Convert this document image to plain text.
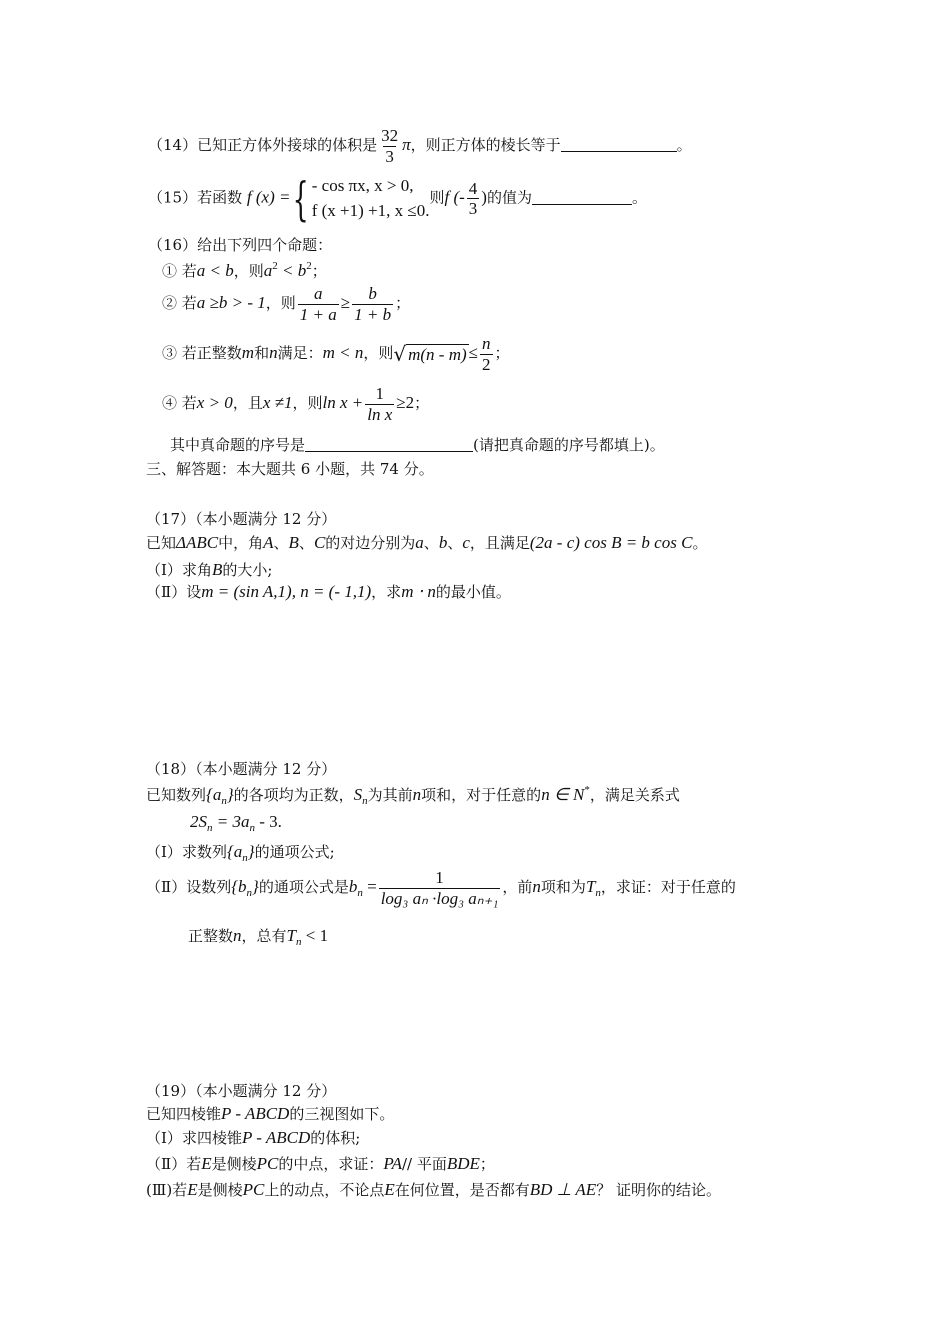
（14）已知正方体外接球的体积是 $\frac{32}{3}$ π，则正方体的棱长等于	。
（15）若函数 f (x) = { - cos πx, x > 0,
f (x +1) +1, x ≤0.
则f (- $\frac{4}{3}$ )的值为	。
（16）给出下列四个命题：
① 若a < b，则$a^2 < b^2$；
② 若a ≥b > - 1，则 $\frac{a}{1 + a} \ge \frac{b}{1 + b}$ ；
③ 若正整数m和n满足：m < n，则 √ $m(n - m) \le \frac{n}{2}$ ；
④ 若x > 0，且x ≠1，则$\ln x + \frac{1}{\text{ln x}} \ge 2$；
其中真命题的序号是	(请把真命题的序号都填上)。
三、解答题：本大题共 6 小题，共 74 分。
（17）（本小题满分 12 分）
已知ΔABC中，角A、B、C的对边分别为a、b、c，且满足(2a - c) cos B = b cos C。
（I）求角B的大小;
（Ⅱ）设m = (sin A,1), n = (- 1,1)，求m ⋅ n的最小值。
（18）（本小题满分 12 分）
已知数列$\{a_n\}$的各项均为正数，$S_n$为其前n项和，对于任意的n ∈ N*，满足关系式
$2S_n = 3a_n - 3$.
（I）求数列$\{a_n\}$的通项公式;
（Ⅱ）设数列$\{b_n\}$的通项公式是$b_n = \frac{1}{\text{log₃ aₙ ·log₃ aₙ₊₁}}$ ，前n项和为$T_n$，求证：对于任意的
正整数n，总有$T_n < 1$
（19）（本小题满分 12 分）
已知四棱锥P - ABCD的三视图如下。
（I）求四棱锥P - ABCD的体积;
（Ⅱ）若E是侧棱PC的中点，求证：PA// 平面BDE；
(Ⅲ)若E是侧棱PC上的动点，不论点E在何位置，是否都有BD ⊥ AE？ 证明你的结论。
